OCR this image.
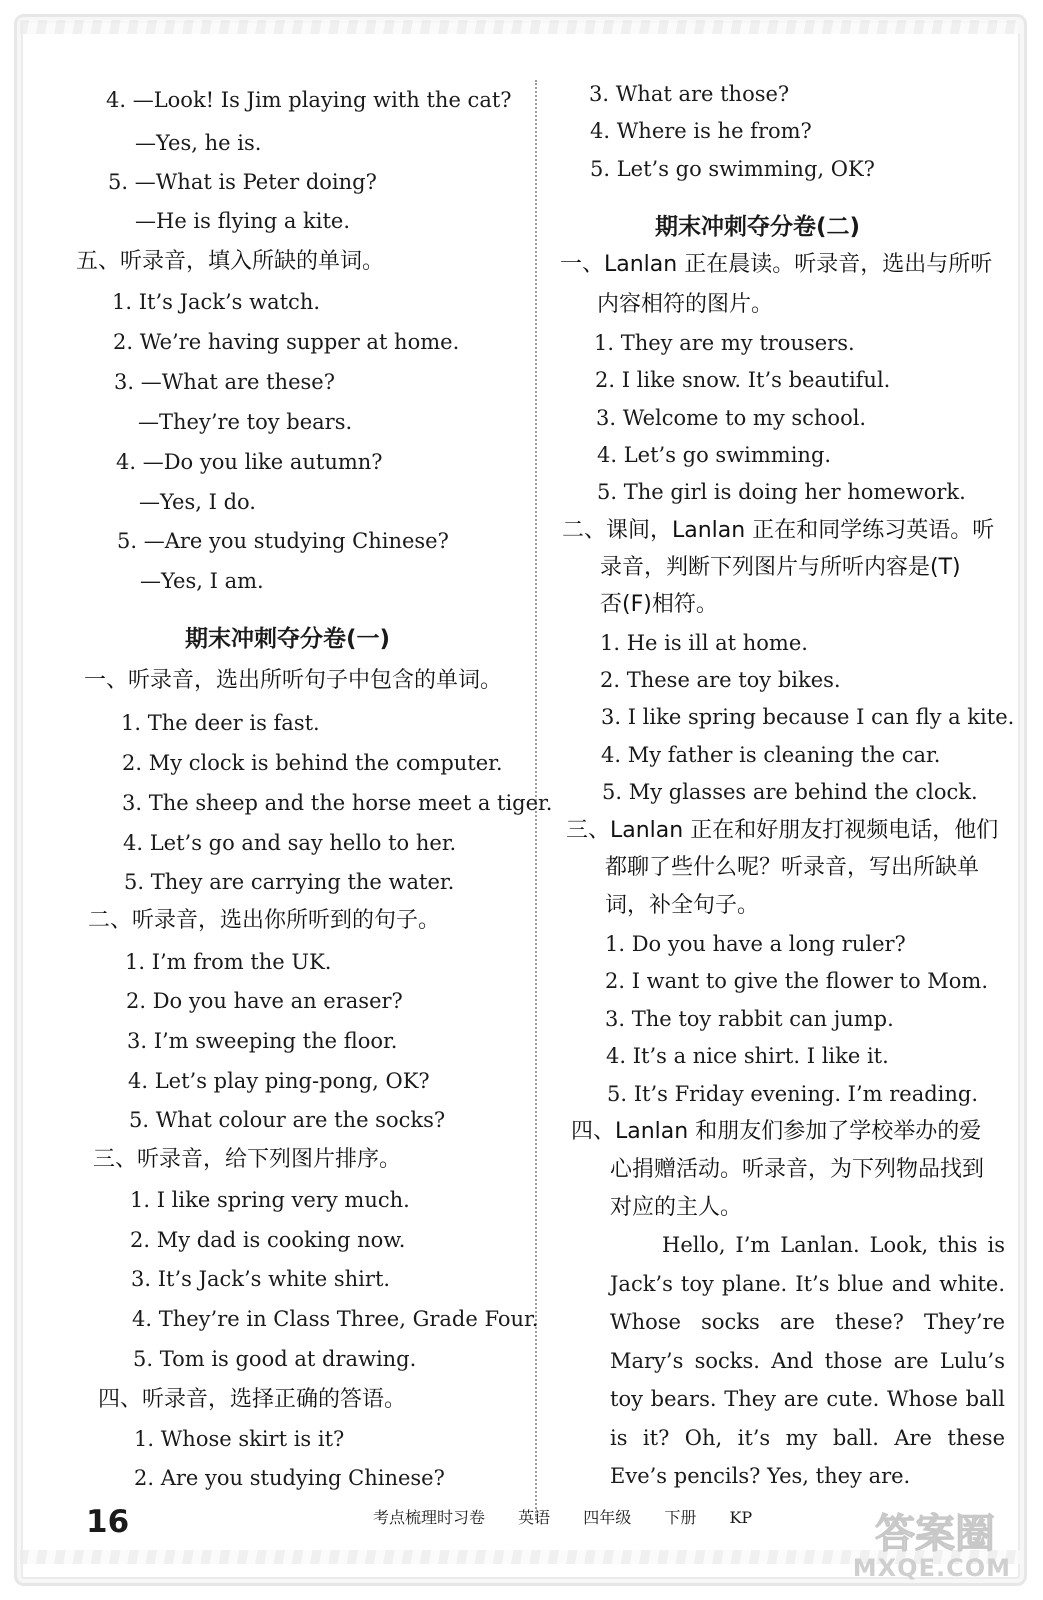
4. —Look! Is Jim playing with the cat?
—Yes, he is.
5. —What is Peter doing?
—He is flying a kite.
五、听录音，填入所缺的单词。
1. It’s Jack’s watch.
2. We’re having supper at home.
3. —What are these?
—They’re toy bears.
4. —Do you like autumn?
—Yes, I do.
5. —Are you studying Chinese?
—Yes, I am.
期末冲刺夺分卷(一)
一、听录音，选出所听句子中包含的单词。
1. The deer is fast.
2. My clock is behind the computer.
3. The sheep and the horse meet a tiger.
4. Let’s go and say hello to her.
5. They are carrying the water.
二、听录音，选出你所听到的句子。
1. I’m from the UK.
2. Do you have an eraser?
3. I’m sweeping the floor.
4. Let’s play ping-pong, OK?
5. What colour are the socks?
三、听录音，给下列图片排序。
1. I like spring very much.
2. My dad is cooking now.
3. It’s Jack’s white shirt.
4. They’re in Class Three, Grade Four.
5. Tom is good at drawing.
四、听录音，选择正确的答语。
1. Whose skirt is it?
2. Are you studying Chinese?
3. What are those?
4. Where is he from?
5. Let’s go swimming, OK?
期末冲刺夺分卷(二)
一、Lanlan 正在晨读。听录音，选出与所听
内容相符的图片。
1. They are my trousers.
2. I like snow. It’s beautiful.
3. Welcome to my school.
4. Let’s go swimming.
5. The girl is doing her homework.
二、课间，Lanlan 正在和同学练习英语。听
录音，判断下列图片与所听内容是(T)
否(F)相符。
1. He is ill at home.
2. These are toy bikes.
3. I like spring because I can fly a kite.
4. My father is cleaning the car.
5. My glasses are behind the clock.
三、Lanlan 正在和好朋友打视频电话，他们
都聊了些什么呢？听录音，写出所缺单
词，补全句子。
1. Do you have a long ruler?
2. I want to give the flower to Mom.
3. The toy rabbit can jump.
4. It’s a nice shirt. I like it.
5. It’s Friday evening. I’m reading.
四、Lanlan 和朋友们参加了学校举办的爱
心捐赠活动。听录音，为下列物品找到
对应的主人。
Hello, I’m Lanlan. Look, this is Jack’s toy plane. It’s blue and white. Whose socks are these? They’re Mary’s socks. And those are Lulu’s toy bears. They are cute. Whose ball is it? Oh, it’s my ball. Are these Eve’s pencils? Yes, they are.
16	考点梳理时习卷 英语 四年级 下册 KP	答案圈
MXQE.COM
